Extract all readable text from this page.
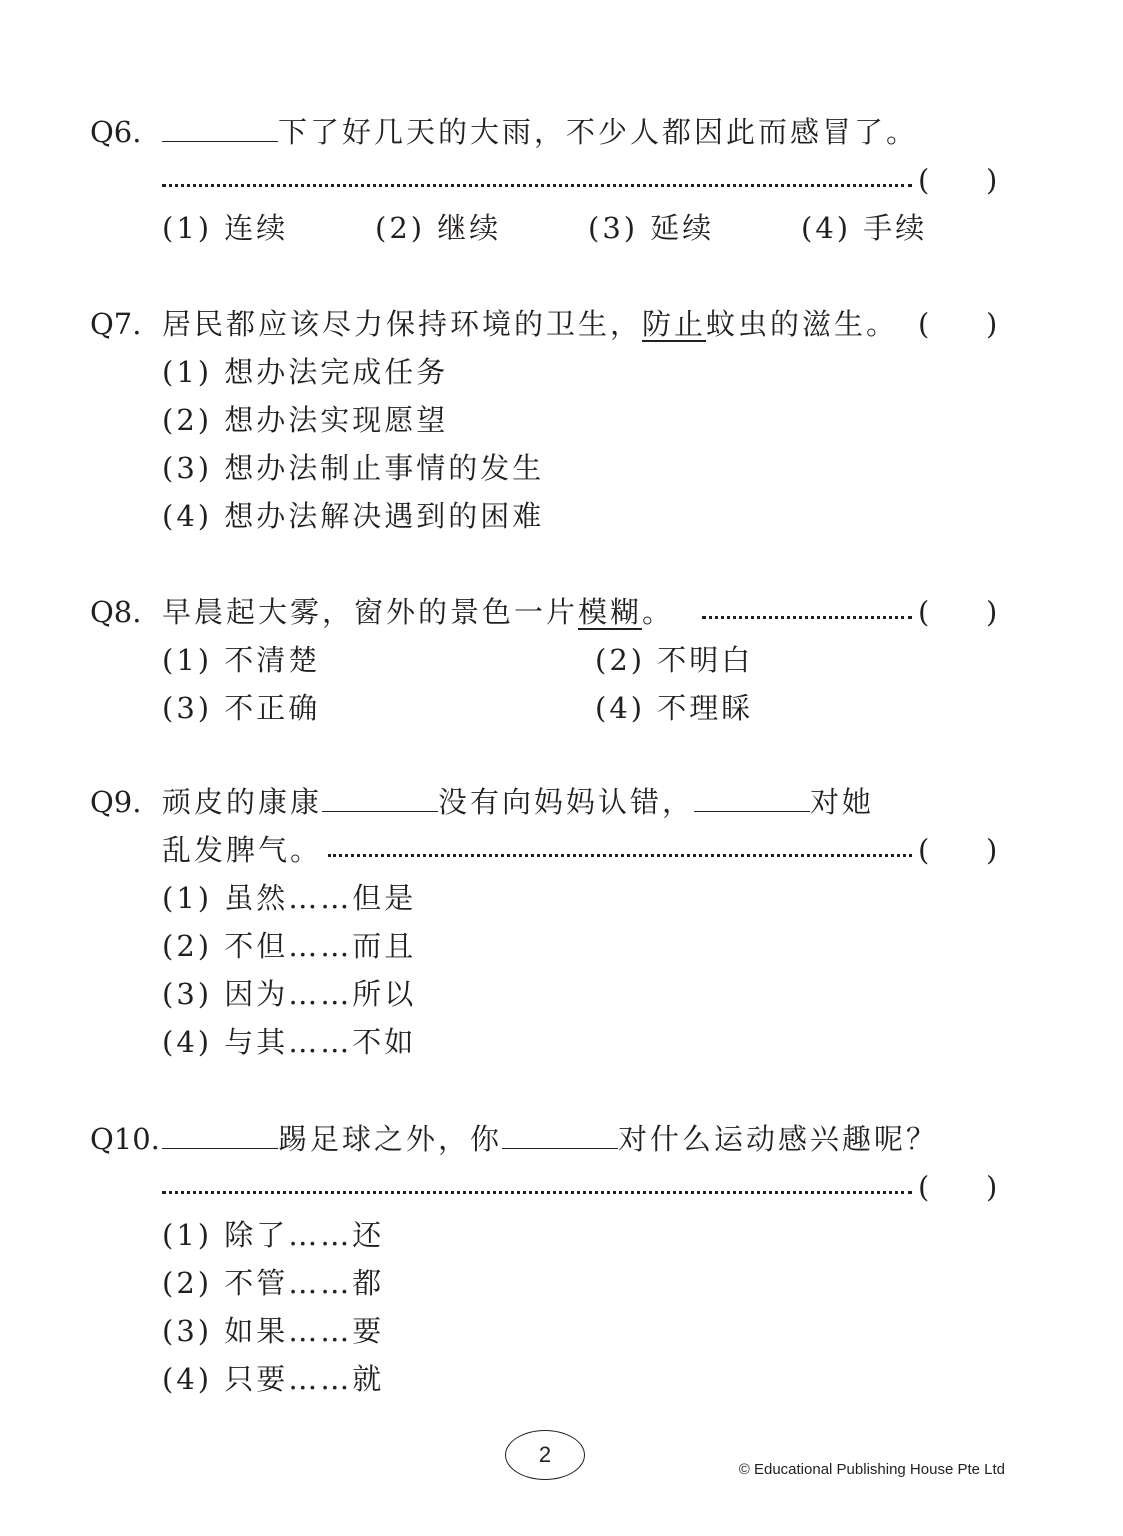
Q6.	下了好几天的大雨，不少人都因此而感冒了。
( )
(1) 连续	(2) 继续	(3) 延续	(4) 手续
Q7. 居民都应该尽力保持环境的卫生，防止蚊虫的滋生。 ( )
(1) 想办法完成任务
(2) 想办法实现愿望
(3) 想办法制止事情的发生
(4) 想办法解决遇到的困难
Q8. 早晨起大雾，窗外的景色一片模糊。	( )
(1) 不清楚	(2) 不明白
(3) 不正确	(4) 不理睬
Q9. 顽皮的康康	没有向妈妈认错，	对她
乱发脾气。	( )
(1) 虽然……但是
(2) 不但……而且
(3) 因为……所以
(4) 与其……不如
Q10.	踢足球之外，你	对什么运动感兴趣呢？
( )
(1) 除了……还
(2) 不管……都
(3) 如果……要
(4) 只要……就
2
© Educational Publishing House Pte Ltd
